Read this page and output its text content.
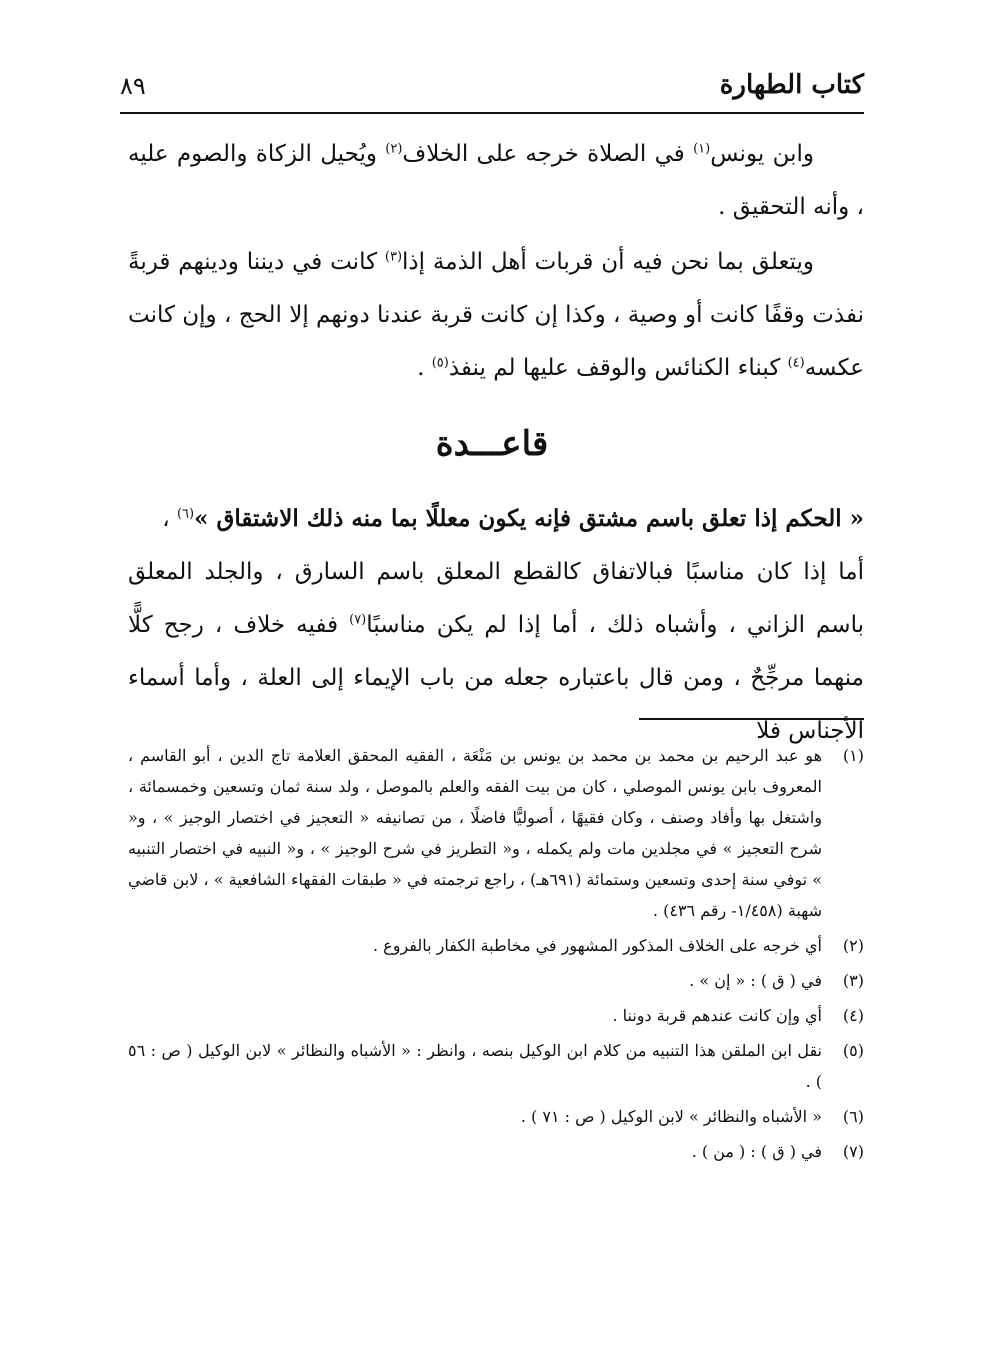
كتاب الطهارة
٨٩

وابن يونس$^{(١)}$ في الصلاة خرجه على الخلاف$^{(٢)}$ ويُحيل الزكاة والصوم عليه ، وأنه التحقيق .

ويتعلق بما نحن فيه أن قربات أهل الذمة إذا$^{(٣)}$ كانت في ديننا ودينهم قربةً نفذت وقفًا كانت أو وصية ، وكذا إن كانت قربة عندنا دونهم إلا الحج ، وإن كانت عكسه$^{(٤)}$ كبناء الكنائس والوقف عليها لم ينفذ$^{(٥)}$ .

قاعـــدة

« الحكم إذا تعلق باسم مشتق فإنه يكون معللًا بما منه ذلك الاشتقاق »$^{(٦)}$ ،

أما إذا كان مناسبًا فبالاتفاق كالقطع المعلق باسم السارق ، والجلد المعلق باسم الزاني ، وأشباه ذلك ، أما إذا لم يكن مناسبًا$^{(٧)}$ ففيه خلاف ، رجح كلًّا منهما مرجِّحٌ ، ومن قال باعتباره جعله من باب الإيماء إلى العلة ، وأما أسماء الأجناس فلا

(١)
هو عبد الرحيم بن محمد بن محمد بن يونس بن مَنْعَة ، الفقيه المحقق العلامة تاج الدين ، أبو القاسم ، المعروف بابن يونس الموصلي ، كان من بيت الفقه والعلم بالموصل ، ولد سنة ثمان وتسعين وخمسمائة ، واشتغل بها وأفاد وصنف ، وكان فقيهًا ، أصوليًّا فاضلًا ، من تصانيفه « التعجيز في اختصار الوجيز » ، و« شرح التعجيز » في مجلدين مات ولم يكمله ، و« التطريز في شرح الوجيز » ، و« النبيه في اختصار التنبيه » توفي سنة إحدى وتسعين وستمائة (٦٩١هـ) ، راجع ترجمته في « طبقات الفقهاء الشافعية » ، لابن قاضي شهبة (١/٤٥٨- رقم ٤٣٦) .
(٢)
أي خرجه على الخلاف المذكور المشهور في مخاطبة الكفار بالفروع .
(٣)
في ( ق ) : « إن » .
(٤)
أي وإن كانت عندهم قربة دوننا .
(٥)
نقل ابن الملقن هذا التنبيه من كلام ابن الوكيل بنصه ، وانظر : « الأشباه والنظائر » لابن الوكيل ( ص : ٥٦ ) .
(٦)
« الأشباه والنظائر » لابن الوكيل ( ص : ٧١ ) .
(٧)
في ( ق ) : ( من ) .
